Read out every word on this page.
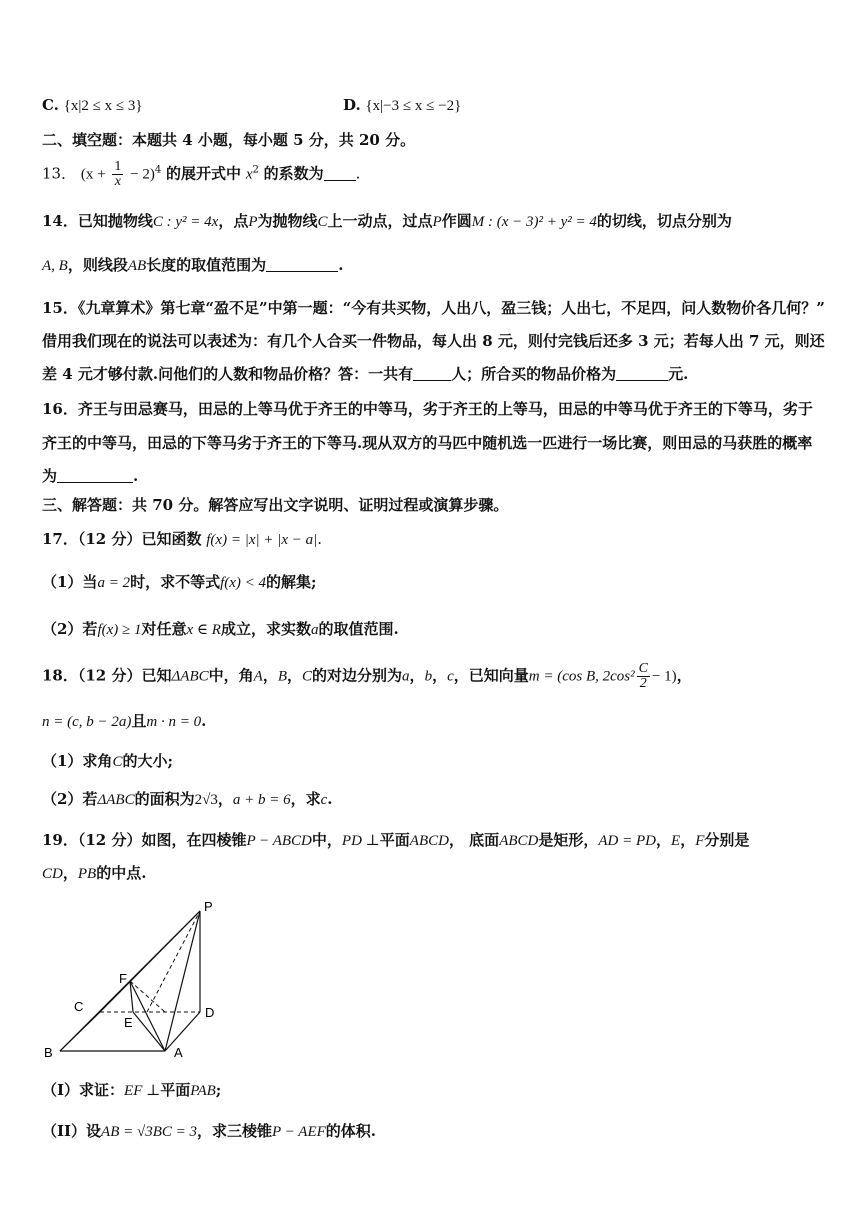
C. {x|2 ≤ x ≤ 3}	D. {x|−3 ≤ x ≤ −2}
二、填空题：本题共 4 小题，每小题 5 分，共 20 分。
13． $(x + \frac{1}{x} - 2)^4$ 的展开式中 $x^2$ 的系数为 .
14．已知抛物线C : y² = 4x，点P为抛物线C上一动点，过点P作圆M : (x − 3)² + y² = 4的切线，切点分别为
A, B，则线段AB长度的取值范围为	.
15．《九章算术》第七章“盈不足”中第一题：“今有共买物，人出八，盈三钱；人出七，不足四，问人数物价各几何？”
借用我们现在的说法可以表述为：有几个人合买一件物品，每人出 8 元，则付完钱后还多 3 元；若每人出 7 元，则还
差 4 元才够付款.问他们的人数和物品价格？答：一共有	人；所合买的物品价格为	元.
16．齐王与田忌赛马，田忌的上等马优于齐王的中等马，劣于齐王的上等马，田忌的中等马优于齐王的下等马，劣于
齐王的中等马，田忌的下等马劣于齐王的下等马.现从双方的马匹中随机选一匹进行一场比赛，则田忌的马获胜的概率
为	.
三、解答题：共 70 分。解答应写出文字说明、证明过程或演算步骤。
17．（12 分）已知函数 f(x) = |x| + |x − a|.
（1）当a = 2时，求不等式f(x) < 4的解集;
（2）若f(x) ≥ 1对任意x ∈ R成立，求实数a的取值范围.
18．（12 分）已知ΔABC中，角A，B，C的对边分别为a，b，c，已知向量m = (cos B, $2\cos^2 \frac{C}{2} - 1$)，
n = (c, b − 2a)且m · n = 0.
（1）求角C的大小;
（2）若ΔABC的面积为2√3，a + b = 6，求c.
19．（12 分）如图，在四棱锥P − ABCD中，PD ⊥平面ABCD， 底面ABCD是矩形，AD = PD，E，F分别是
CD，PB的中点.
P
F
C
E
D
B	A
（I）求证：EF ⊥平面PAB;
（II）设AB = √3BC = 3，求三棱锥P − AEF的体积.
